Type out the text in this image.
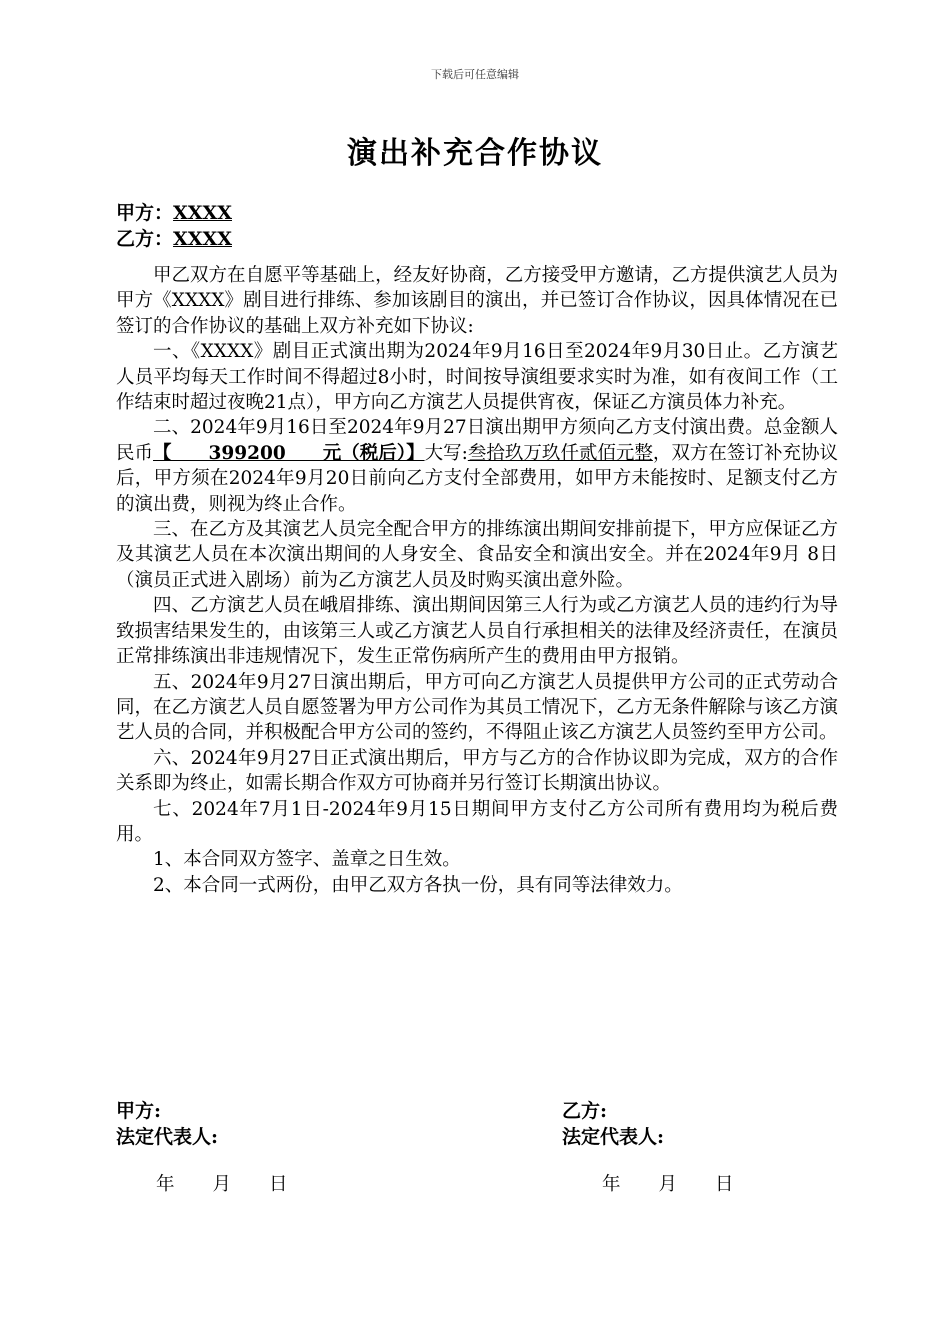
下载后可任意编辑
演出补充合作协议
甲方：XXXX
乙方：XXXX

甲乙双方在自愿平等基础上，经友好协商，乙方接受甲方邀请，乙方提供演艺人员为甲方《XXXX》剧目进行排练、参加该剧目的演出，并已签订合作协议，因具体情况在已签订的合作协议的基础上双方补充如下协议:

一、《XXXX》剧目正式演出期为2024年9月16日至2024年9月30日止。乙方演艺人员平均每天工作时间不得超过8小时，时间按导演组要求实时为准，如有夜间工作（工作结束时超过夜晚21点），甲方向乙方演艺人员提供宵夜，保证乙方演员体力补充。

二、2024年9月16日至2024年9月27日演出期甲方须向乙方支付演出费。总金额人民币【　　399200　　元（税后）】大写:叁拾玖万玖仟贰佰元整，双方在签订补充协议后，甲方须在2024年9月20日前向乙方支付全部费用，如甲方未能按时、足额支付乙方的演出费，则视为终止合作。

三、在乙方及其演艺人员完全配合甲方的排练演出期间安排前提下，甲方应保证乙方及其演艺人员在本次演出期间的人身安全、食品安全和演出安全。并在2024年9月 8日（演员正式进入剧场）前为乙方演艺人员及时购买演出意外险。

四、乙方演艺人员在峨眉排练、演出期间因第三人行为或乙方演艺人员的违约行为导致损害结果发生的，由该第三人或乙方演艺人员自行承担相关的法律及经济责任，在演员正常排练演出非违规情况下，发生正常伤病所产生的费用由甲方报销。

五、2024年9月27日演出期后，甲方可向乙方演艺人员提供甲方公司的正式劳动合同，在乙方演艺人员自愿签署为甲方公司作为其员工情况下，乙方无条件解除与该乙方演艺人员的合同，并积极配合甲方公司的签约，不得阻止该乙方演艺人员签约至甲方公司。

六、2024年9月27日正式演出期后，甲方与乙方的合作协议即为完成，双方的合作关系即为终止，如需长期合作双方可协商并另行签订长期演出协议。

七、2024年7月1日-2024年9月15日期间甲方支付乙方公司所有费用均为税后费用。

1、本合同双方签字、盖章之日生效。

2、本合同一式两份，由甲乙双方各执一份，具有同等法律效力。

甲方:
法定代表人:
乙方:
法定代表人:
年 月 日	年 月 日
